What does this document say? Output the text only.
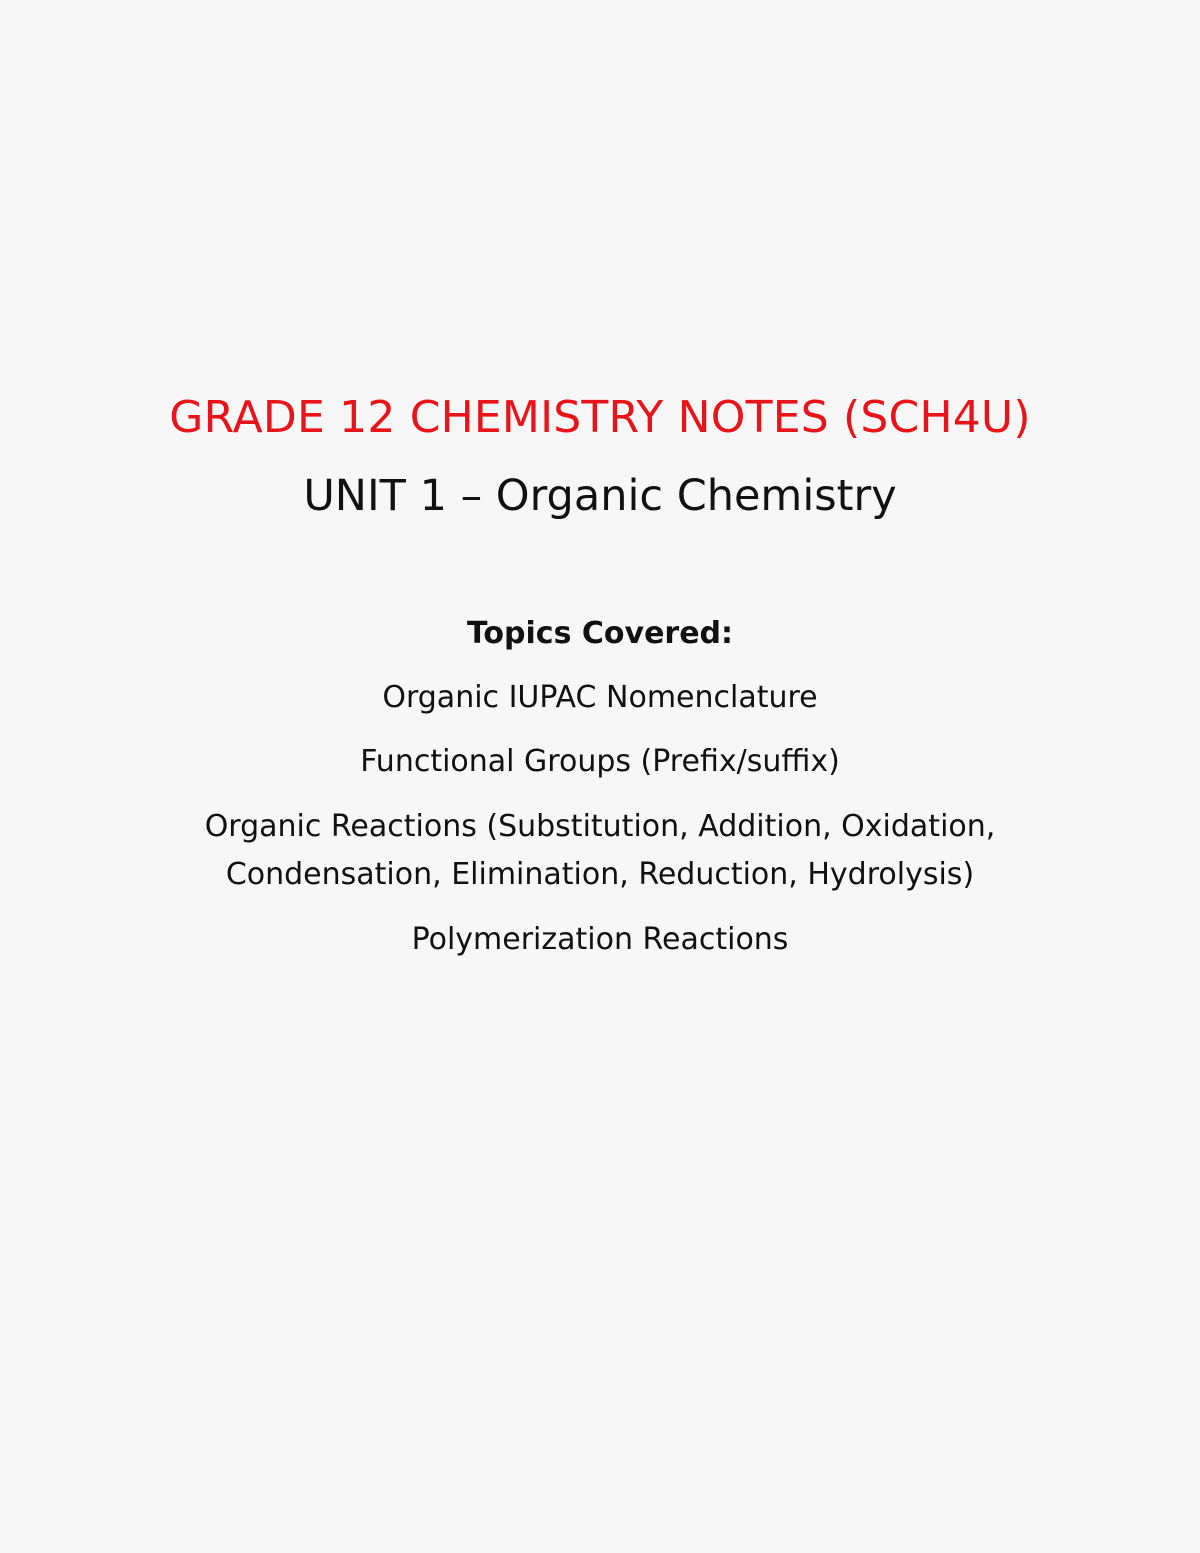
GRADE 12 CHEMISTRY NOTES (SCH4U)
UNIT 1 – Organic Chemistry
Topics Covered:
Organic IUPAC Nomenclature
Functional Groups (Prefix/suffix)
Organic Reactions (Substitution, Addition, Oxidation, Condensation, Elimination, Reduction, Hydrolysis)
Polymerization Reactions
